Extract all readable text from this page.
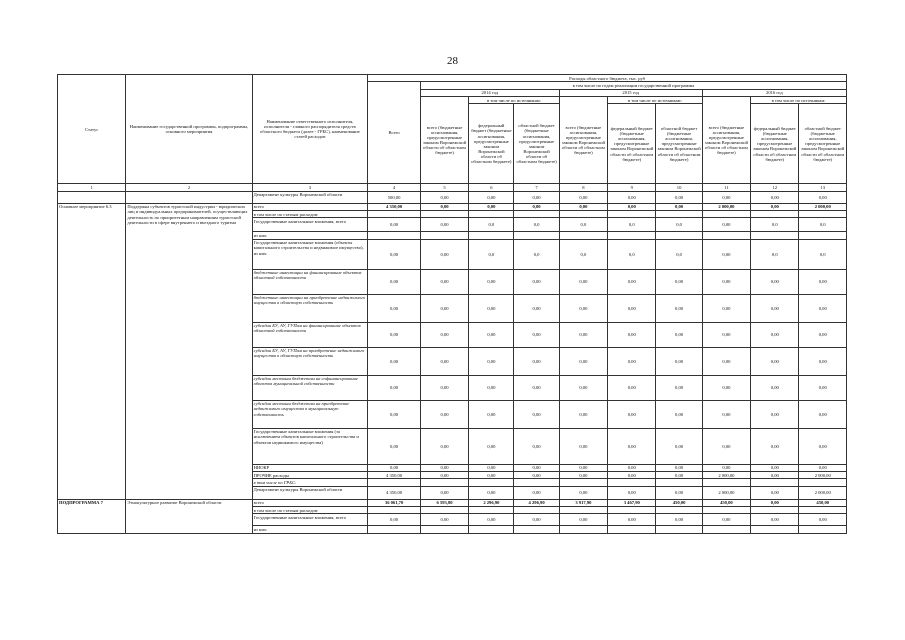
28
Статус	Наименование государственной программы, подпрограммы, основного мероприятия	Наименование ответственного исполнителя, исполнителя - главного распорядителя средств областного бюджета (далее - ГРБС), наименование статей расходов	Расходы областного бюджета, тыс. руб									
			Всего	в том числе по годам реализации государственной программы								
				2014 год			2015 год			2016 год		
				всего (бюджетные ассигнования, предусмотренные законом Воронежской области об областном бюджете)	в том числе по источникам:		всего (бюджетные ассигнования, предусмотренные законом Воронежской области об областном бюджете)	в том числе по источникам:		всего (бюджетные ассигнования, предусмотренные законом Воронежской области об областном бюджете)	в том числе по источникам:	
					федеральный бюджет (бюджетные ассигнования, предусмотренные законом Воронежской области об областном бюджете)	областной бюджет (бюджетные ассигнования, предусмотренные законом Воронежской области об областном бюджете)		федеральный бюджет (бюджетные ассигнования, предусмотренные законом Воронежской области об областном бюджете)	областной бюджет (бюджетные ассигнования, предусмотренные законом Воронежской области об областном бюджете)		федеральный бюджет (бюджетные ассигнования, предусмотренные законом Воронежской области об областном бюджете)	областной бюджет (бюджетные ассигнования, предусмотренные законом Воронежской области об областном бюджете)
1	2	3	4	5	6	7	8	9	10	11	12	13
		Департамент культуры Воронежской области	500,00	0,00	0,00	0,00	0,00	0,00	0,00	0,00	0,00	0,00
Основное мероприятие 6.3	Поддержка субъектов туристской индустрии - юридических лиц и индивидуальных предпринимателей, осуществляющих деятельность по приоритетным направлениям туристской деятельности в сфере внутреннего и въездного туризма	всего	4 350,00	0,00	0,00	0,00	0,00	0,00	0,00	2 000,00	0,00	2 000,00
		в том числе по статьям расходов:										
		Государственные капитальные вложения, всего	0,00	0,00	0,0	0,0	0,0	0,0	0,0	0,00	0,0	0,0
		из них:										
		Государственные капитальные вложения (объекты капитального строительства и недвижимое имущество), из них:	0,00	0,00	0,0	0,0	0,0	0,0	0,0	0,00	0,0	0,0
		бюджетные инвестиции на финансирование объектов областной собственности	0,00	0,00	0,00	0,00	0,00	0,00	0,00	0,00	0,00	0,00
		бюджетные инвестиции на приобретение недвижимого имущества в областную собственность	0,00	0,00	0,00	0,00	0,00	0,00	0,00	0,00	0,00	0,00
		субсидии БУ, АУ, ГУПам на финансирование объектов областной собственности	0,00	0,00	0,00	0,00	0,00	0,00	0,00	0,00	0,00	0,00
		субсидии БУ, АУ, ГУПам на приобретение недвижимого имущества в областную собственность	0,00	0,00	0,00	0,00	0,00	0,00	0,00	0,00	0,00	0,00
		субсидии местным бюджетам на софинансирование объектов муниципальной собственности	0,00	0,00	0,00	0,00	0,00	0,00	0,00	0,00	0,00	0,00
		субсидии местным бюджетам на приобретение недвижимого имущества в муниципальную собственность	0,00	0,00	0,00	0,00	0,00	0,00	0,00	0,00	0,00	0,00
		Государственные капитальные вложения (за исключением объектов капитального строительства и объектов недвижимого имущества)	0,00	0,00	0,00	0,00	0,00	0,00	0,00	0,00	0,00	0,00
		НИОКР	0,00	0,00	0,00	0,00	0,00	0,00	0,00	0,00	0,00	0,00
		ПРОЧИЕ расходы	4 350,00	0,00	0,00	0,00	0,00	0,00	0,00	2 000,00	0,00	2 000,00
		в том числе по ГРБС:										
		Департамент культуры Воронежской области	4 350,00	0,00	0,00	0,00	0,00	0,00	0,00	2 000,00	0,00	2 000,00
ПОДПРОГРАММА 7	Этнокультурное развитие Воронежской области	всего	36 061,70	6 593,80	2 296,90	4 296,90	3 917,90	3 467,90	450,00	450,00	0,00	450,00
		в том числе по статьям расходов:										
		Государственные капитальные вложения, всего	0,00	0,00	0,00	0,00	0,00	0,00	0,00	0,00	0,00	0,00
		из них:										
